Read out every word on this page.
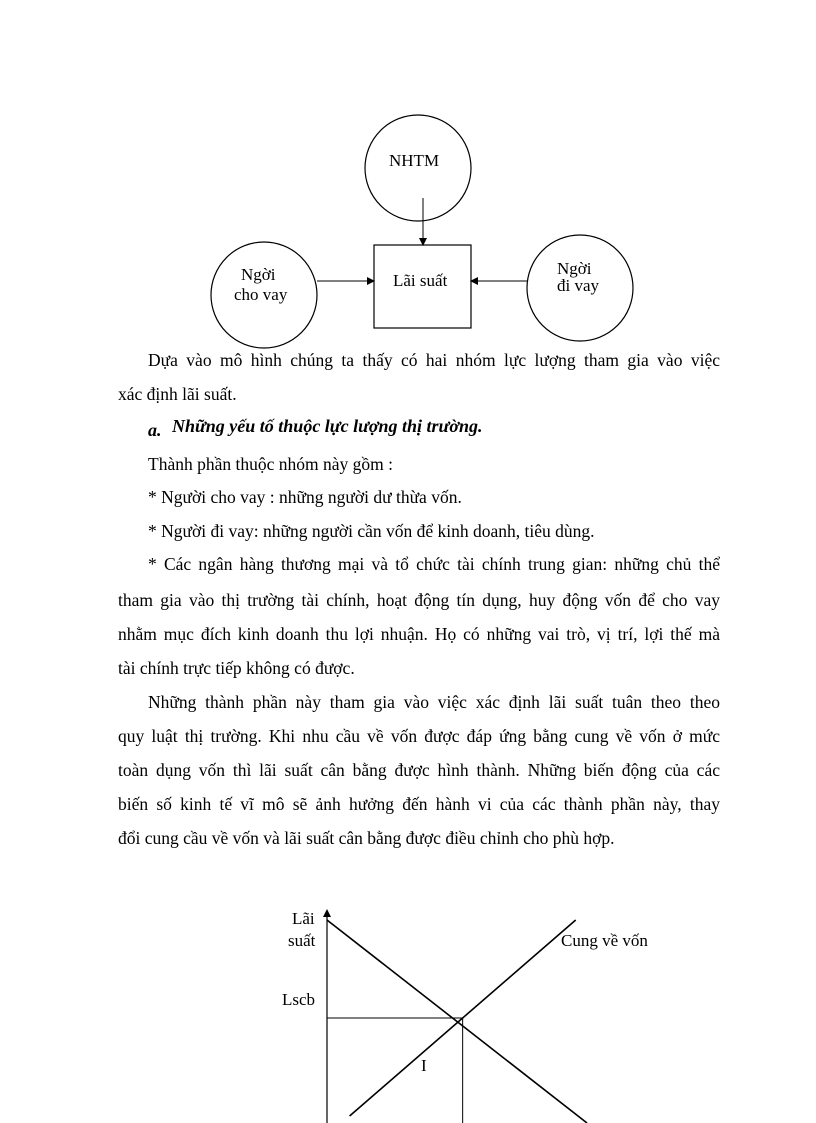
NHTM
Lãi suất
Ngời
cho vay
Ngời
đi vay
Dựa vào mô hình chúng ta thấy có hai nhóm lực lượng tham gia vào việc
xác định lãi suất.
a. Những yếu tố thuộc lực lượng thị trường.
Thành phần thuộc nhóm này gồm :
* Người cho vay : những người dư thừa vốn.
* Người đi vay: những người cần vốn để kinh doanh, tiêu dùng.
* Các ngân hàng thương mại và tổ chức tài chính trung gian: những chủ thể
tham gia vào thị trường tài chính, hoạt động tín dụng, huy động vốn để cho vay
nhằm mục đích kinh doanh thu lợi nhuận. Họ có những vai trò, vị trí, lợi thế mà
tài chính trực tiếp không có được.
Những thành phần này tham gia vào việc xác định lãi suất tuân theo theo
quy luật thị trường. Khi nhu cầu về vốn được đáp ứng bằng cung về vốn ở mức
toàn dụng vốn thì lãi suất cân bằng được hình thành. Những biến động của các
biến số kinh tế vĩ mô sẽ ảnh hưởng đến hành vi của các thành phần này, thay
đổi cung cầu về vốn và lãi suất cân bằng được điều chỉnh cho phù hợp.
Lãi
suất
Lscb
Cung về vốn
I
